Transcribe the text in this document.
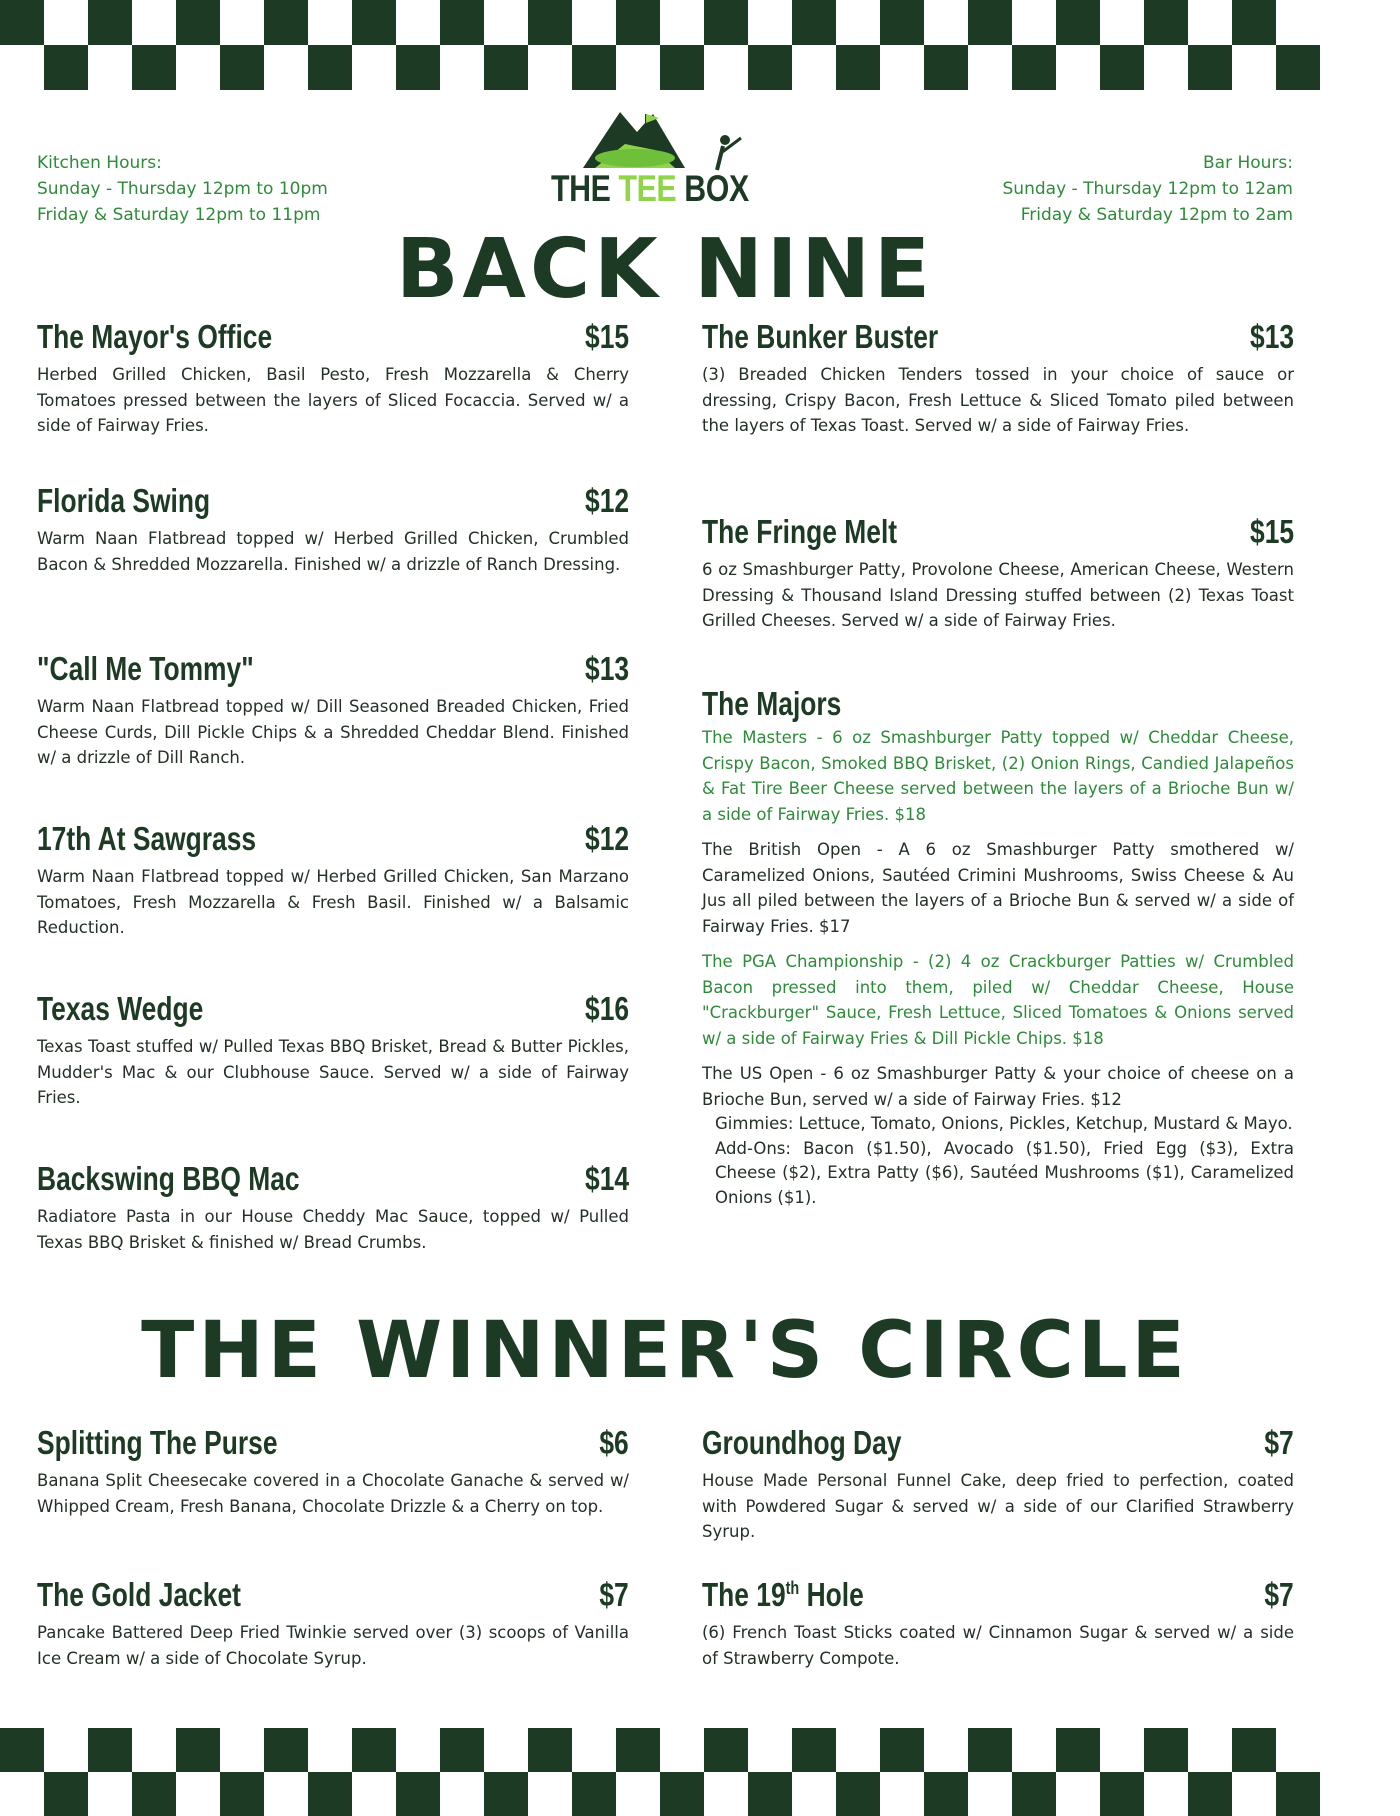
Kitchen Hours:
Sunday - Thursday 12pm to 10pm
Friday & Saturday 12pm to 11pm
THE TEE BOX
Bar Hours:
Sunday - Thursday 12pm to 12am
Friday & Saturday 12pm to 2am
BACK NINE
The Mayor's Office	$15
Herbed Grilled Chicken, Basil Pesto, Fresh Mozzarella & Cherry Tomatoes pressed between the layers of Sliced Focaccia. Served w/ a side of Fairway Fries.
Florida Swing	$12
Warm Naan Flatbread topped w/ Herbed Grilled Chicken, Crumbled Bacon & Shredded Mozzarella. Finished w/ a drizzle of Ranch Dressing.
"Call Me Tommy"	$13
Warm Naan Flatbread topped w/ Dill Seasoned Breaded Chicken, Fried Cheese Curds, Dill Pickle Chips & a Shredded Cheddar Blend. Finished w/ a drizzle of Dill Ranch.
17th At Sawgrass	$12
Warm Naan Flatbread topped w/ Herbed Grilled Chicken, San Marzano Tomatoes, Fresh Mozzarella & Fresh Basil. Finished w/ a Balsamic Reduction.
Texas Wedge	$16
Texas Toast stuffed w/ Pulled Texas BBQ Brisket, Bread & Butter Pickles, Mudder's Mac & our Clubhouse Sauce. Served w/ a side of Fairway Fries.
Backswing BBQ Mac	$14
Radiatore Pasta in our House Cheddy Mac Sauce, topped w/ Pulled Texas BBQ Brisket & finished w/ Bread Crumbs.
The Bunker Buster	$13
(3) Breaded Chicken Tenders tossed in your choice of sauce or dressing, Crispy Bacon, Fresh Lettuce & Sliced Tomato piled between the layers of Texas Toast. Served w/ a side of Fairway Fries.
The Fringe Melt	$15
6 oz Smashburger Patty, Provolone Cheese, American Cheese, Western Dressing & Thousand Island Dressing stuffed between (2) Texas Toast Grilled Cheeses. Served w/ a side of Fairway Fries.
The Majors
The Masters - 6 oz Smashburger Patty topped w/ Cheddar Cheese, Crispy Bacon, Smoked BBQ Brisket, (2) Onion Rings, Candied Jalapeños & Fat Tire Beer Cheese served between the layers of a Brioche Bun w/ a side of Fairway Fries. $18
The British Open - A 6 oz Smashburger Patty smothered w/ Caramelized Onions, Sautéed Crimini Mushrooms, Swiss Cheese & Au Jus all piled between the layers of a Brioche Bun & served w/ a side of Fairway Fries. $17
The PGA Championship - (2) 4 oz Crackburger Patties w/ Crumbled Bacon pressed into them, piled w/ Cheddar Cheese, House "Crackburger" Sauce, Fresh Lettuce, Sliced Tomatoes & Onions served w/ a side of Fairway Fries & Dill Pickle Chips. $18
The US Open - 6 oz Smashburger Patty & your choice of cheese on a Brioche Bun, served w/ a side of Fairway Fries. $12
Gimmies: Lettuce, Tomato, Onions, Pickles, Ketchup, Mustard & Mayo.
Add-Ons: Bacon ($1.50), Avocado ($1.50), Fried Egg ($3), Extra Cheese ($2), Extra Patty ($6), Sautéed Mushrooms ($1), Caramelized Onions ($1).
THE WINNER'S CIRCLE
Splitting The Purse	$6
Banana Split Cheesecake covered in a Chocolate Ganache & served w/ Whipped Cream, Fresh Banana, Chocolate Drizzle & a Cherry on top.
The Gold Jacket	$7
Pancake Battered Deep Fried Twinkie served over (3) scoops of Vanilla Ice Cream w/ a side of Chocolate Syrup.
Groundhog Day	$7
House Made Personal Funnel Cake, deep fried to perfection, coated with Powdered Sugar & served w/ a side of our Clarified Strawberry Syrup.
The 19th Hole	$7
(6) French Toast Sticks coated w/ Cinnamon Sugar & served w/ a side of Strawberry Compote.
